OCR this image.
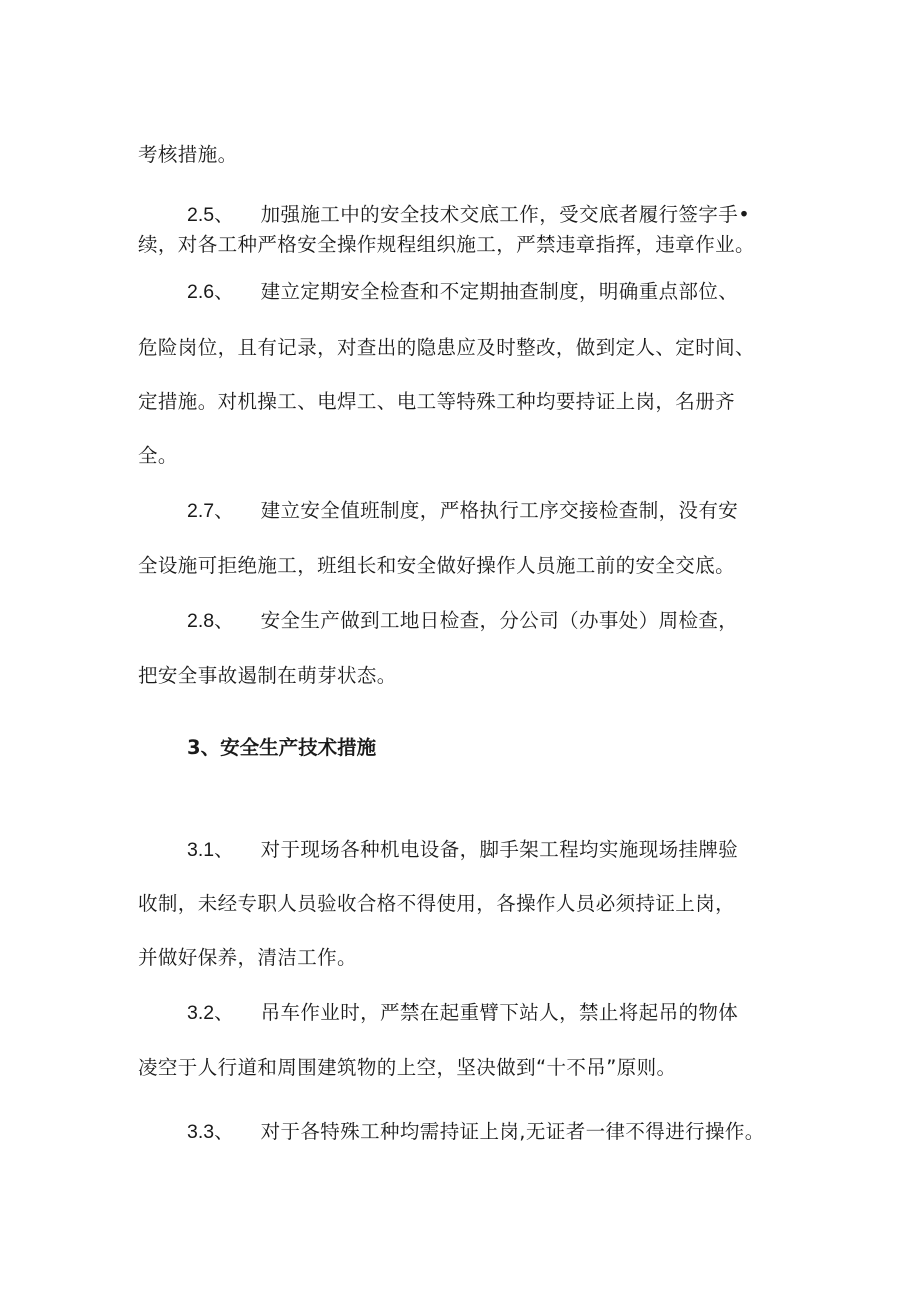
考核措施。
2.5、 加强施工中的安全技术交底工作，受交底者履行签字手•
续，对各工种严格安全操作规程组织施工，严禁违章指挥，违章作业。
2.6、 建立定期安全检查和不定期抽查制度，明确重点部位、
危险岗位，且有记录，对查出的隐患应及时整改，做到定人、定时间、
定措施。对机操工、电焊工、电工等特殊工种均要持证上岗，名册齐
全。
2.7、 建立安全值班制度，严格执行工序交接检查制，没有安
全设施可拒绝施工，班组长和安全做好操作人员施工前的安全交底。
2.8、 安全生产做到工地日检查，分公司（办事处）周检查，
把安全事故遏制在萌芽状态。
3、安全生产技术措施
3.1、 对于现场各种机电设备，脚手架工程均实施现场挂牌验
收制，未经专职人员验收合格不得使用，各操作人员必须持证上岗，
并做好保养，清洁工作。
3.2、 吊车作业时，严禁在起重臂下站人，禁止将起吊的物体
凌空于人行道和周围建筑物的上空，坚决做到“十不吊”原则。
3.3、 对于各特殊工种均需持证上岗,无证者一律不得进行操作。
